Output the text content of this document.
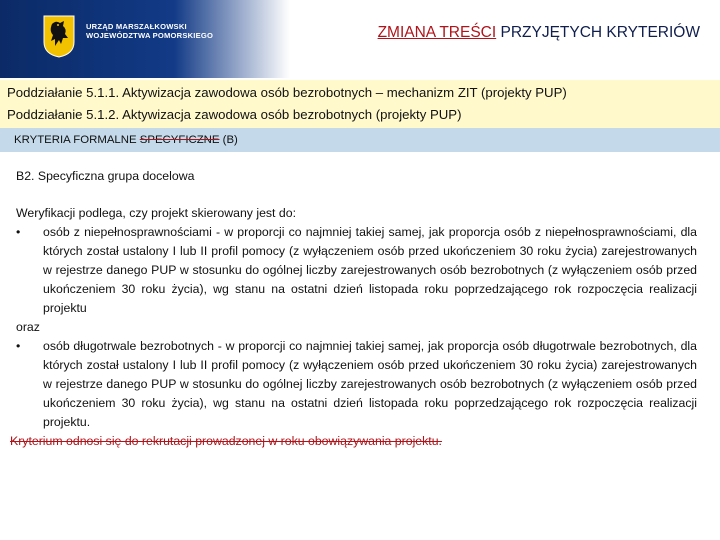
URZĄD MARSZAŁKOWSKI
WOJEWÓDZTWA POMORSKIEGO	ZMIANA TREŚCI PRZYJĘTYCH KRYTERIÓW
Poddziałanie 5.1.1. Aktywizacja zawodowa osób bezrobotnych – mechanizm ZIT (projekty PUP)
Poddziałanie 5.1.2. Aktywizacja zawodowa osób bezrobotnych (projekty PUP)
KRYTERIA FORMALNE SPECYFICZNE (B)
B2. Specyficzna grupa docelowa
Weryfikacji podlega, czy projekt skierowany jest do:
• osób z niepełnosprawnościami - w proporcji co najmniej takiej samej, jak proporcja osób z niepełnosprawnościami, dla których został ustalony I lub II profil pomocy (z wyłączeniem osób przed ukończeniem 30 roku życia) zarejestrowanych w rejestrze danego PUP w stosunku do ogólnej liczby zarejestrowanych osób bezrobotnych (z wyłączeniem osób przed ukończeniem 30 roku życia), wg stanu na ostatni dzień listopada roku poprzedzającego rok rozpoczęcia realizacji projektu
oraz
• osób długotrwale bezrobotnych - w proporcji co najmniej takiej samej, jak proporcja osób długotrwale bezrobotnych, dla których został ustalony I lub II profil pomocy (z wyłączeniem osób przed ukończeniem 30 roku życia) zarejestrowanych w rejestrze danego PUP w stosunku do ogólnej liczby zarejestrowanych osób bezrobotnych (z wyłączeniem osób przed ukończeniem 30 roku życia), wg stanu na ostatni dzień listopada roku poprzedzającego rok rozpoczęcia realizacji projektu.
Kryterium odnosi się do rekrutacji prowadzonej w roku obowiązywania projektu.
